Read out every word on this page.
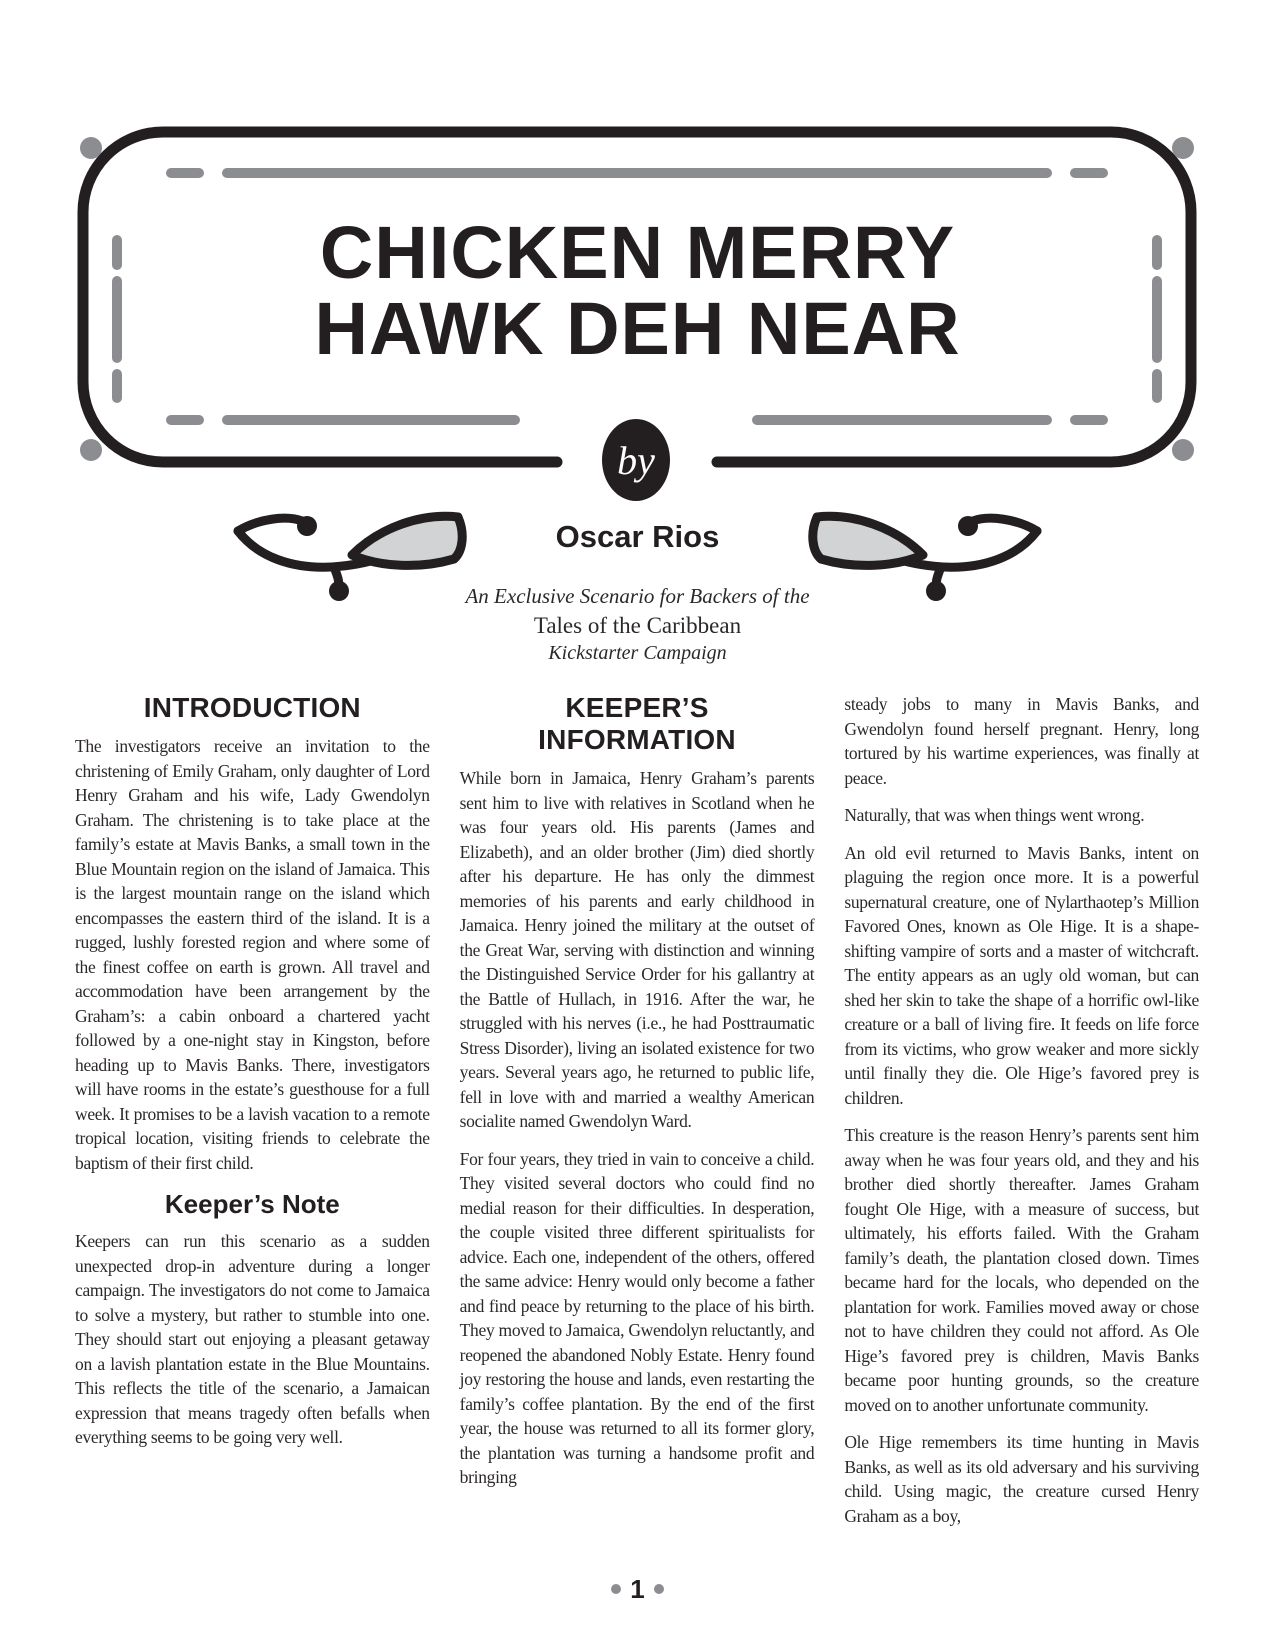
by
CHICKEN MERRY
HAWK DEH NEAR
Oscar Rios
An Exclusive Scenario for Backers of the
Tales of the Caribbean
Kickstarter Campaign
INTRODUCTION

The investigators receive an invitation to the christening of Emily Graham, only daughter of Lord Henry Graham and his wife, Lady Gwendolyn Graham. The christening is to take place at the family’s estate at Mavis Banks, a small town in the Blue Mountain region on the island of Jamaica. This is the largest mountain range on the island which encompasses the eastern third of the island. It is a rugged, lushly forested region and where some of the finest coffee on earth is grown. All travel and accommodation have been arrangement by the Graham’s: a cabin onboard a chartered yacht followed by a one-night stay in Kingston, before heading up to Mavis Banks. There, investigators will have rooms in the estate’s guesthouse for a full week. It promises to be a lavish vacation to a remote tropical location, visiting friends to celebrate the baptism of their first child.

Keeper’s Note

Keepers can run this scenario as a sudden unexpected drop-in adventure during a longer campaign. The investigators do not come to Jamaica to solve a mystery, but rather to stumble into one. They should start out enjoying a pleasant getaway on a lavish plantation estate in the Blue Mountains. This reflects the title of the scenario, a Jamaican expression that means tragedy often befalls when everything seems to be going very well.

KEEPER’S INFORMATION

While born in Jamaica, Henry Graham’s parents sent him to live with relatives in Scotland when he was four years old. His parents (James and Elizabeth), and an older brother (Jim) died shortly after his departure. He has only the dimmest memories of his parents and early childhood in Jamaica. Henry joined the military at the outset of the Great War, serving with distinction and winning the Distinguished Service Order for his gallantry at the Battle of Hullach, in 1916. After the war, he struggled with his nerves (i.e., he had Posttraumatic Stress Disorder), living an isolated existence for two years. Several years ago, he returned to public life, fell in love with and married a wealthy American socialite named Gwendolyn Ward.

For four years, they tried in vain to conceive a child. They visited several doctors who could find no medial reason for their difficulties. In desperation, the couple visited three different spiritualists for advice. Each one, independent of the others, offered the same advice: Henry would only become a father and find peace by returning to the place of his birth. They moved to Jamaica, Gwendolyn reluctantly, and reopened the abandoned Nobly Estate. Henry found joy restoring the house and lands, even restarting the family’s coffee plantation. By the end of the first year, the house was returned to all its former glory, the plantation was turning a handsome profit and bringing

steady jobs to many in Mavis Banks, and Gwendolyn found herself pregnant. Henry, long tortured by his wartime experiences, was finally at peace.

Naturally, that was when things went wrong.

An old evil returned to Mavis Banks, intent on plaguing the region once more. It is a powerful supernatural creature, one of Nylarthaotep’s Million Favored Ones, known as Ole Hige. It is a shape-shifting vampire of sorts and a master of witchcraft. The entity appears as an ugly old woman, but can shed her skin to take the shape of a horrific owl-like creature or a ball of living fire. It feeds on life force from its victims, who grow weaker and more sickly until finally they die. Ole Hige’s favored prey is children.

This creature is the reason Henry’s parents sent him away when he was four years old, and they and his brother died shortly thereafter. James Graham fought Ole Hige, with a measure of success, but ultimately, his efforts failed. With the Graham family’s death, the plantation closed down. Times became hard for the locals, who depended on the plantation for work. Families moved away or chose not to have children they could not afford. As Ole Hige’s favored prey is children, Mavis Banks became poor hunting grounds, so the creature moved on to another unfortunate community.

Ole Hige remembers its time hunting in Mavis Banks, as well as its old adversary and his surviving child. Using magic, the creature cursed Henry Graham as a boy,

1
